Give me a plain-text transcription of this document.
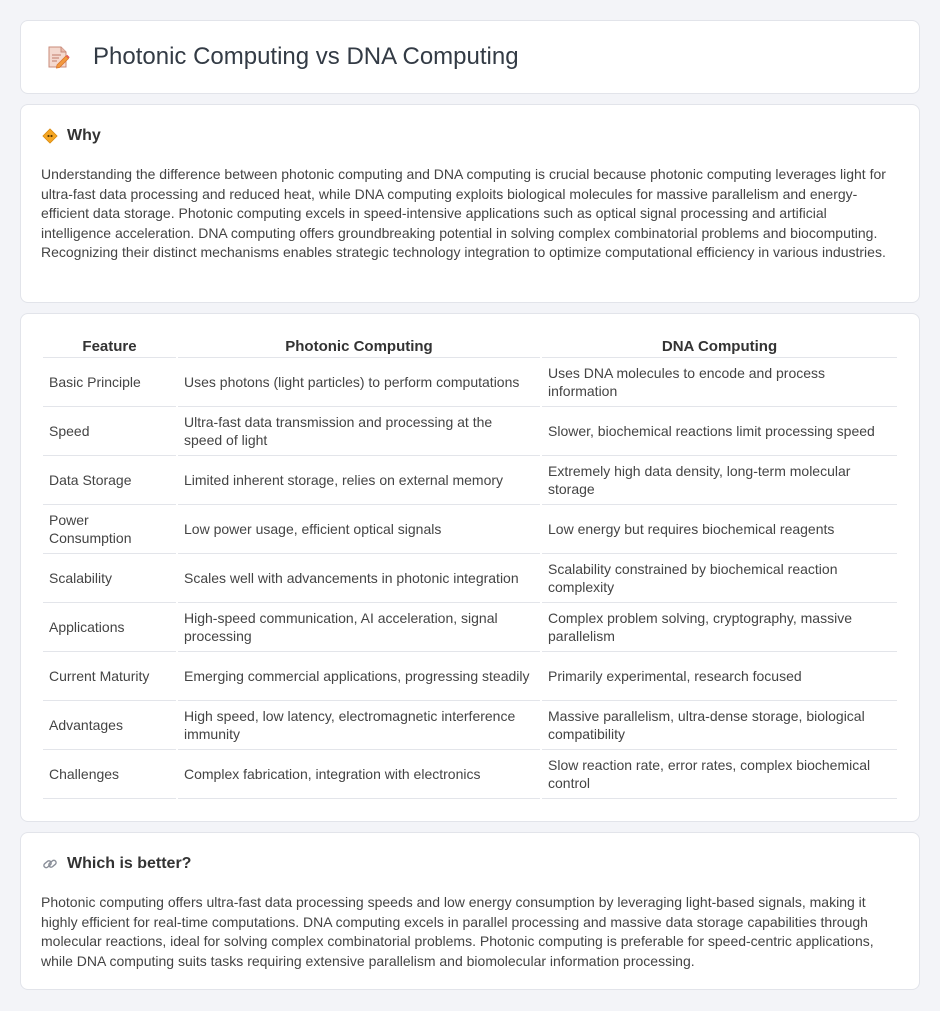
Photonic Computing vs DNA Computing
Why

Understanding the difference between photonic computing and DNA computing is crucial because photonic computing leverages light for ultra-fast data processing and reduced heat, while DNA computing exploits biological molecules for massive parallelism and energy-efficient data storage. Photonic computing excels in speed-intensive applications such as optical signal processing and artificial intelligence acceleration. DNA computing offers groundbreaking potential in solving complex combinatorial problems and biocomputing. Recognizing their distinct mechanisms enables strategic technology integration to optimize computational efficiency in various industries.

Feature	Photonic Computing	DNA Computing
Basic Principle	Uses photons (light particles) to perform computations	Uses DNA molecules to encode and process information
Speed	Ultra-fast data transmission and processing at the speed of light	Slower, biochemical reactions limit processing speed
Data Storage	Limited inherent storage, relies on external memory	Extremely high data density, long-term molecular storage
Power Consumption	Low power usage, efficient optical signals	Low energy but requires biochemical reagents
Scalability	Scales well with advancements in photonic integration	Scalability constrained by biochemical reaction complexity
Applications	High-speed communication, AI acceleration, signal processing	Complex problem solving, cryptography, massive parallelism
Current Maturity	Emerging commercial applications, progressing steadily	Primarily experimental, research focused
Advantages	High speed, low latency, electromagnetic interference immunity	Massive parallelism, ultra-dense storage, biological compatibility
Challenges	Complex fabrication, integration with electronics	Slow reaction rate, error rates, complex biochemical control
Which is better?

Photonic computing offers ultra-fast data processing speeds and low energy consumption by leveraging light-based signals, making it highly efficient for real-time computations. DNA computing excels in parallel processing and massive data storage capabilities through molecular reactions, ideal for solving complex combinatorial problems. Photonic computing is preferable for speed-centric applications, while DNA computing suits tasks requiring extensive parallelism and biomolecular information processing.
